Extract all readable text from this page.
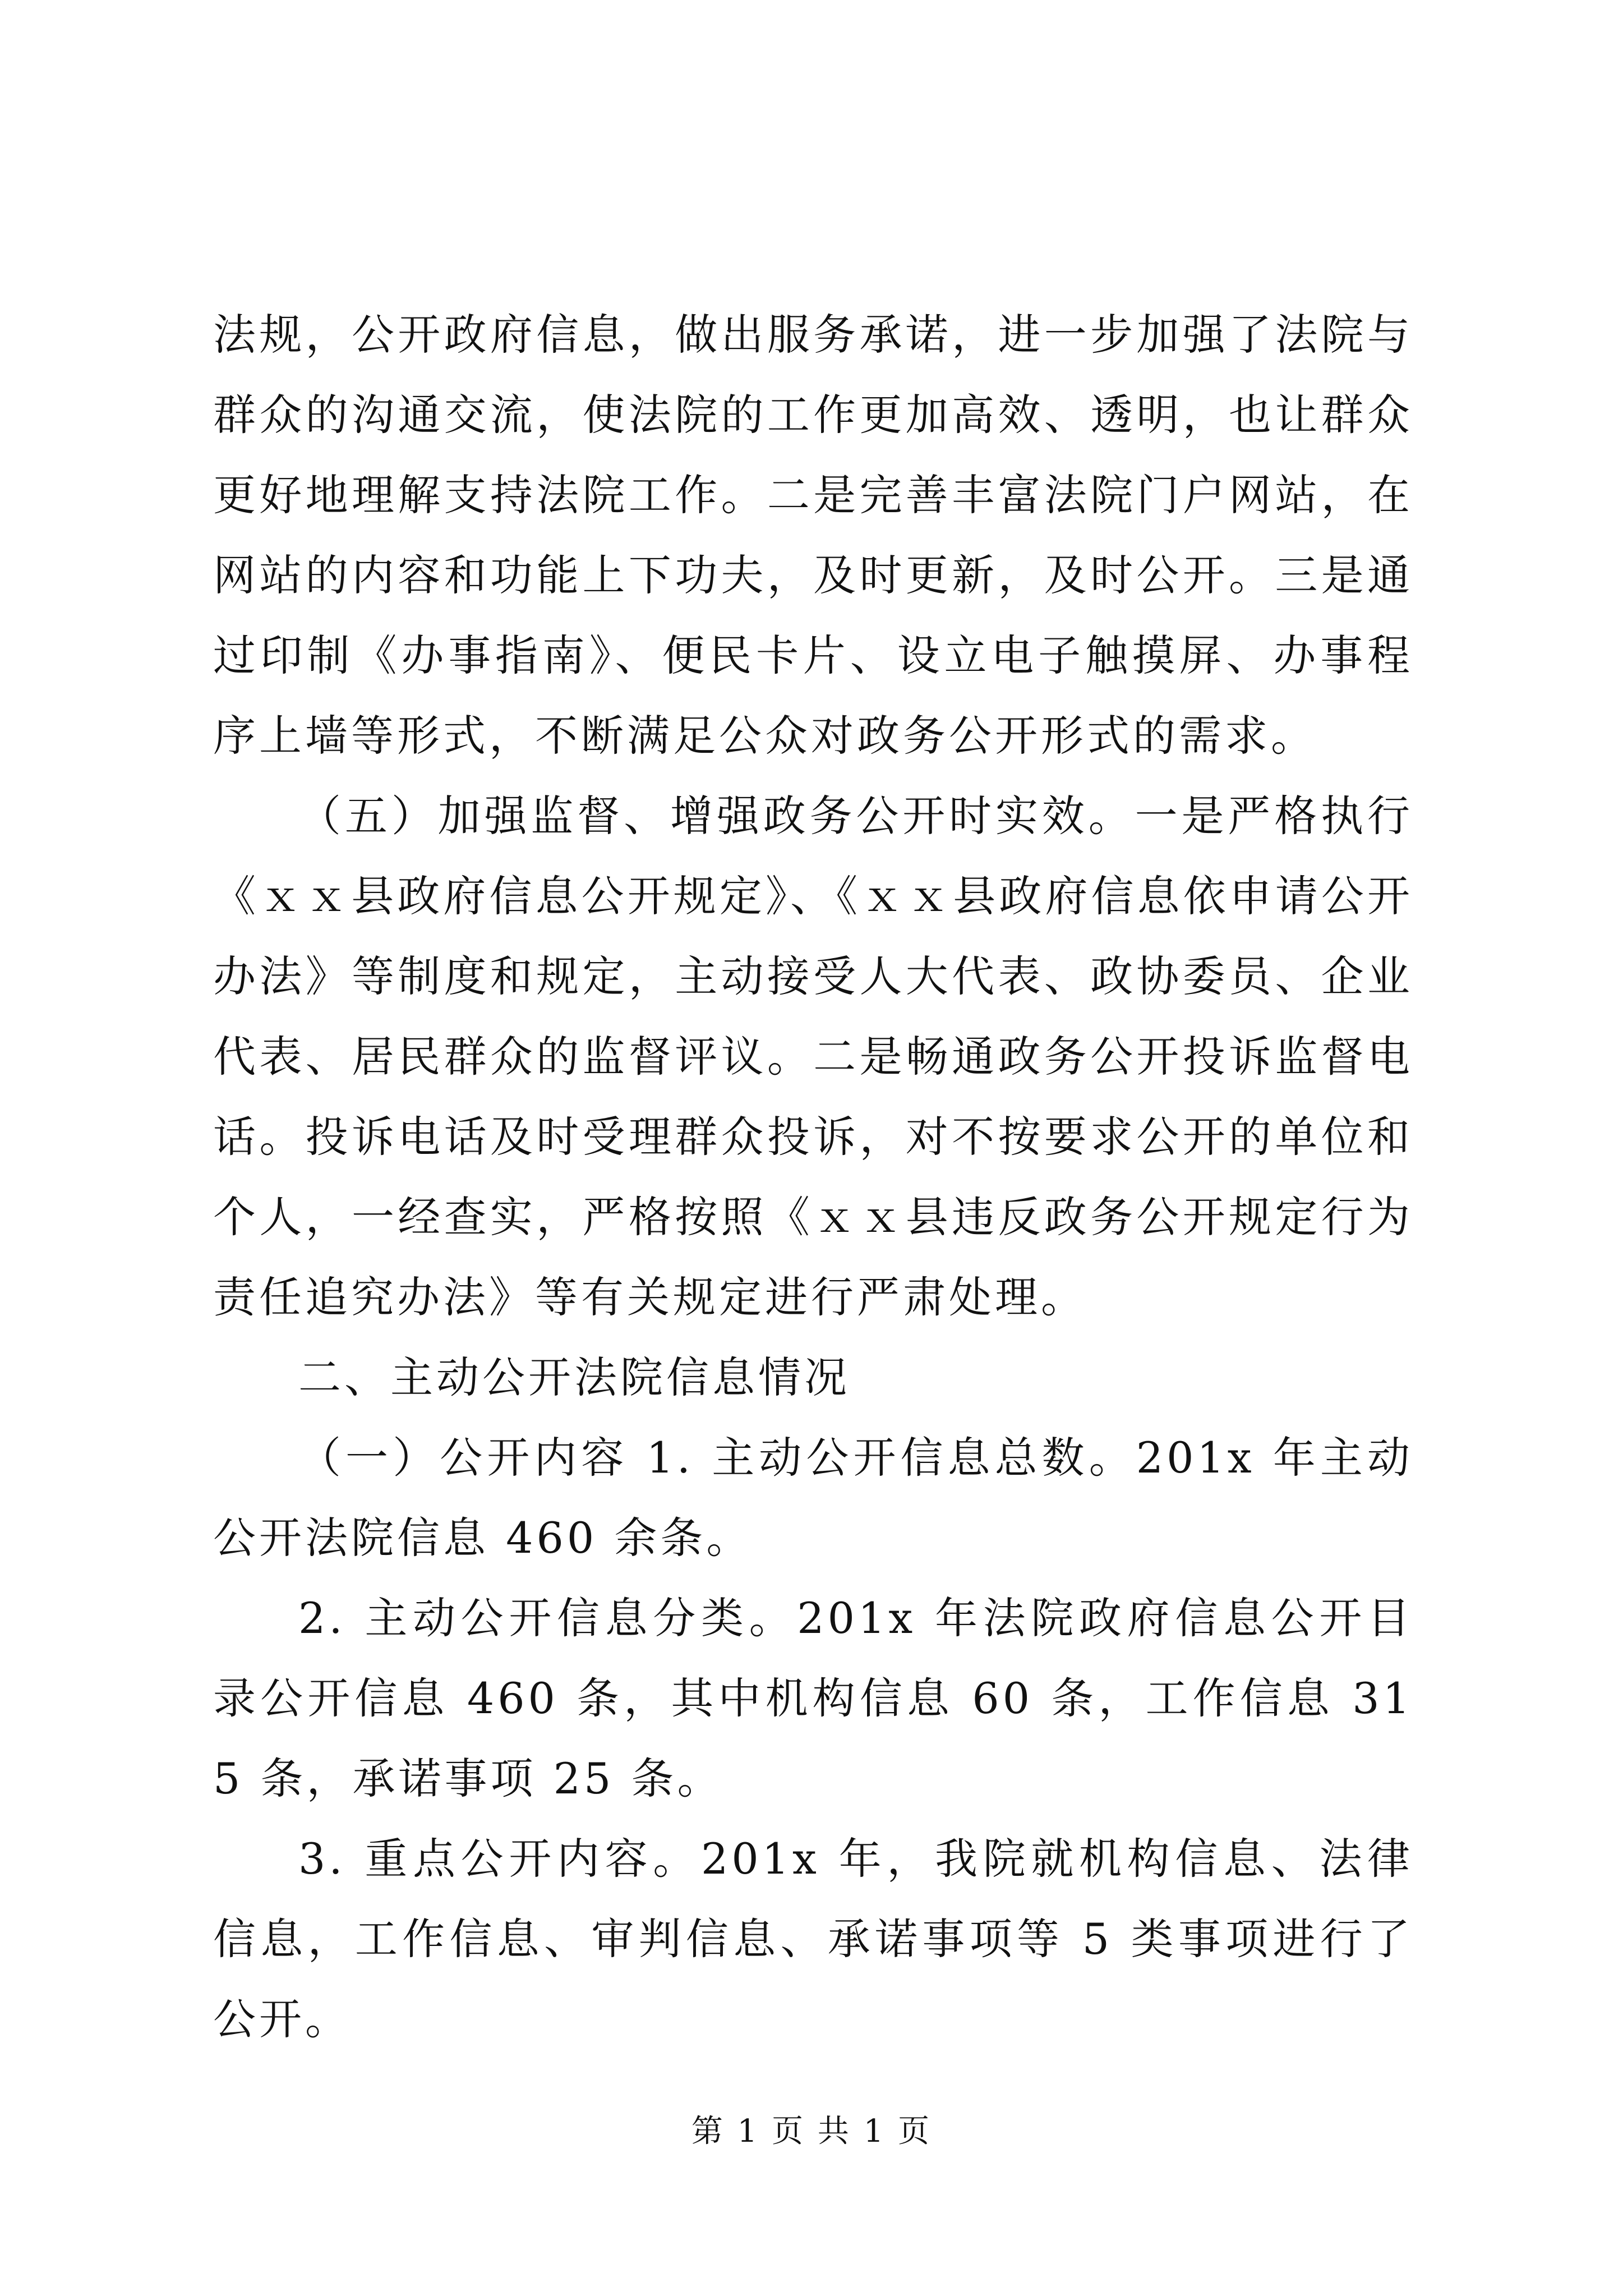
法规，公开政府信息，做出服务承诺，进一步加强了法院与群众的沟通交流，使法院的工作更加高效、透明，也让群众更好地理解支持法院工作。二是完善丰富法院门户网站，在网站的内容和功能上下功夫，及时更新，及时公开。三是通过印制《办事指南》、便民卡片、设立电子触摸屏、办事程序上墙等形式，不断满足公众对政务公开形式的需求。

（五）加强监督、增强政务公开时实效。一是严格执行《ｘｘ县政府信息公开规定》、《ｘｘ县政府信息依申请公开办法》等制度和规定，主动接受人大代表、政协委员、企业代表、居民群众的监督评议。二是畅通政务公开投诉监督电话。投诉电话及时受理群众投诉，对不按要求公开的单位和个人，一经查实，严格按照《ｘｘ县违反政务公开规定行为责任追究办法》等有关规定进行严肃处理。

二、主动公开法院信息情况

（一）公开内容 1. 主动公开信息总数。201x 年主动公开法院信息 460 余条。

2. 主动公开信息分类。201x 年法院政府信息公开目录公开信息 460 条，其中机构信息 60 条，工作信息 315 条，承诺事项 25 条。

3. 重点公开内容。201x 年，我院就机构信息、法律信息，工作信息、审判信息、承诺事项等 5 类事项进行了公开。

第 1 页 共 1 页
